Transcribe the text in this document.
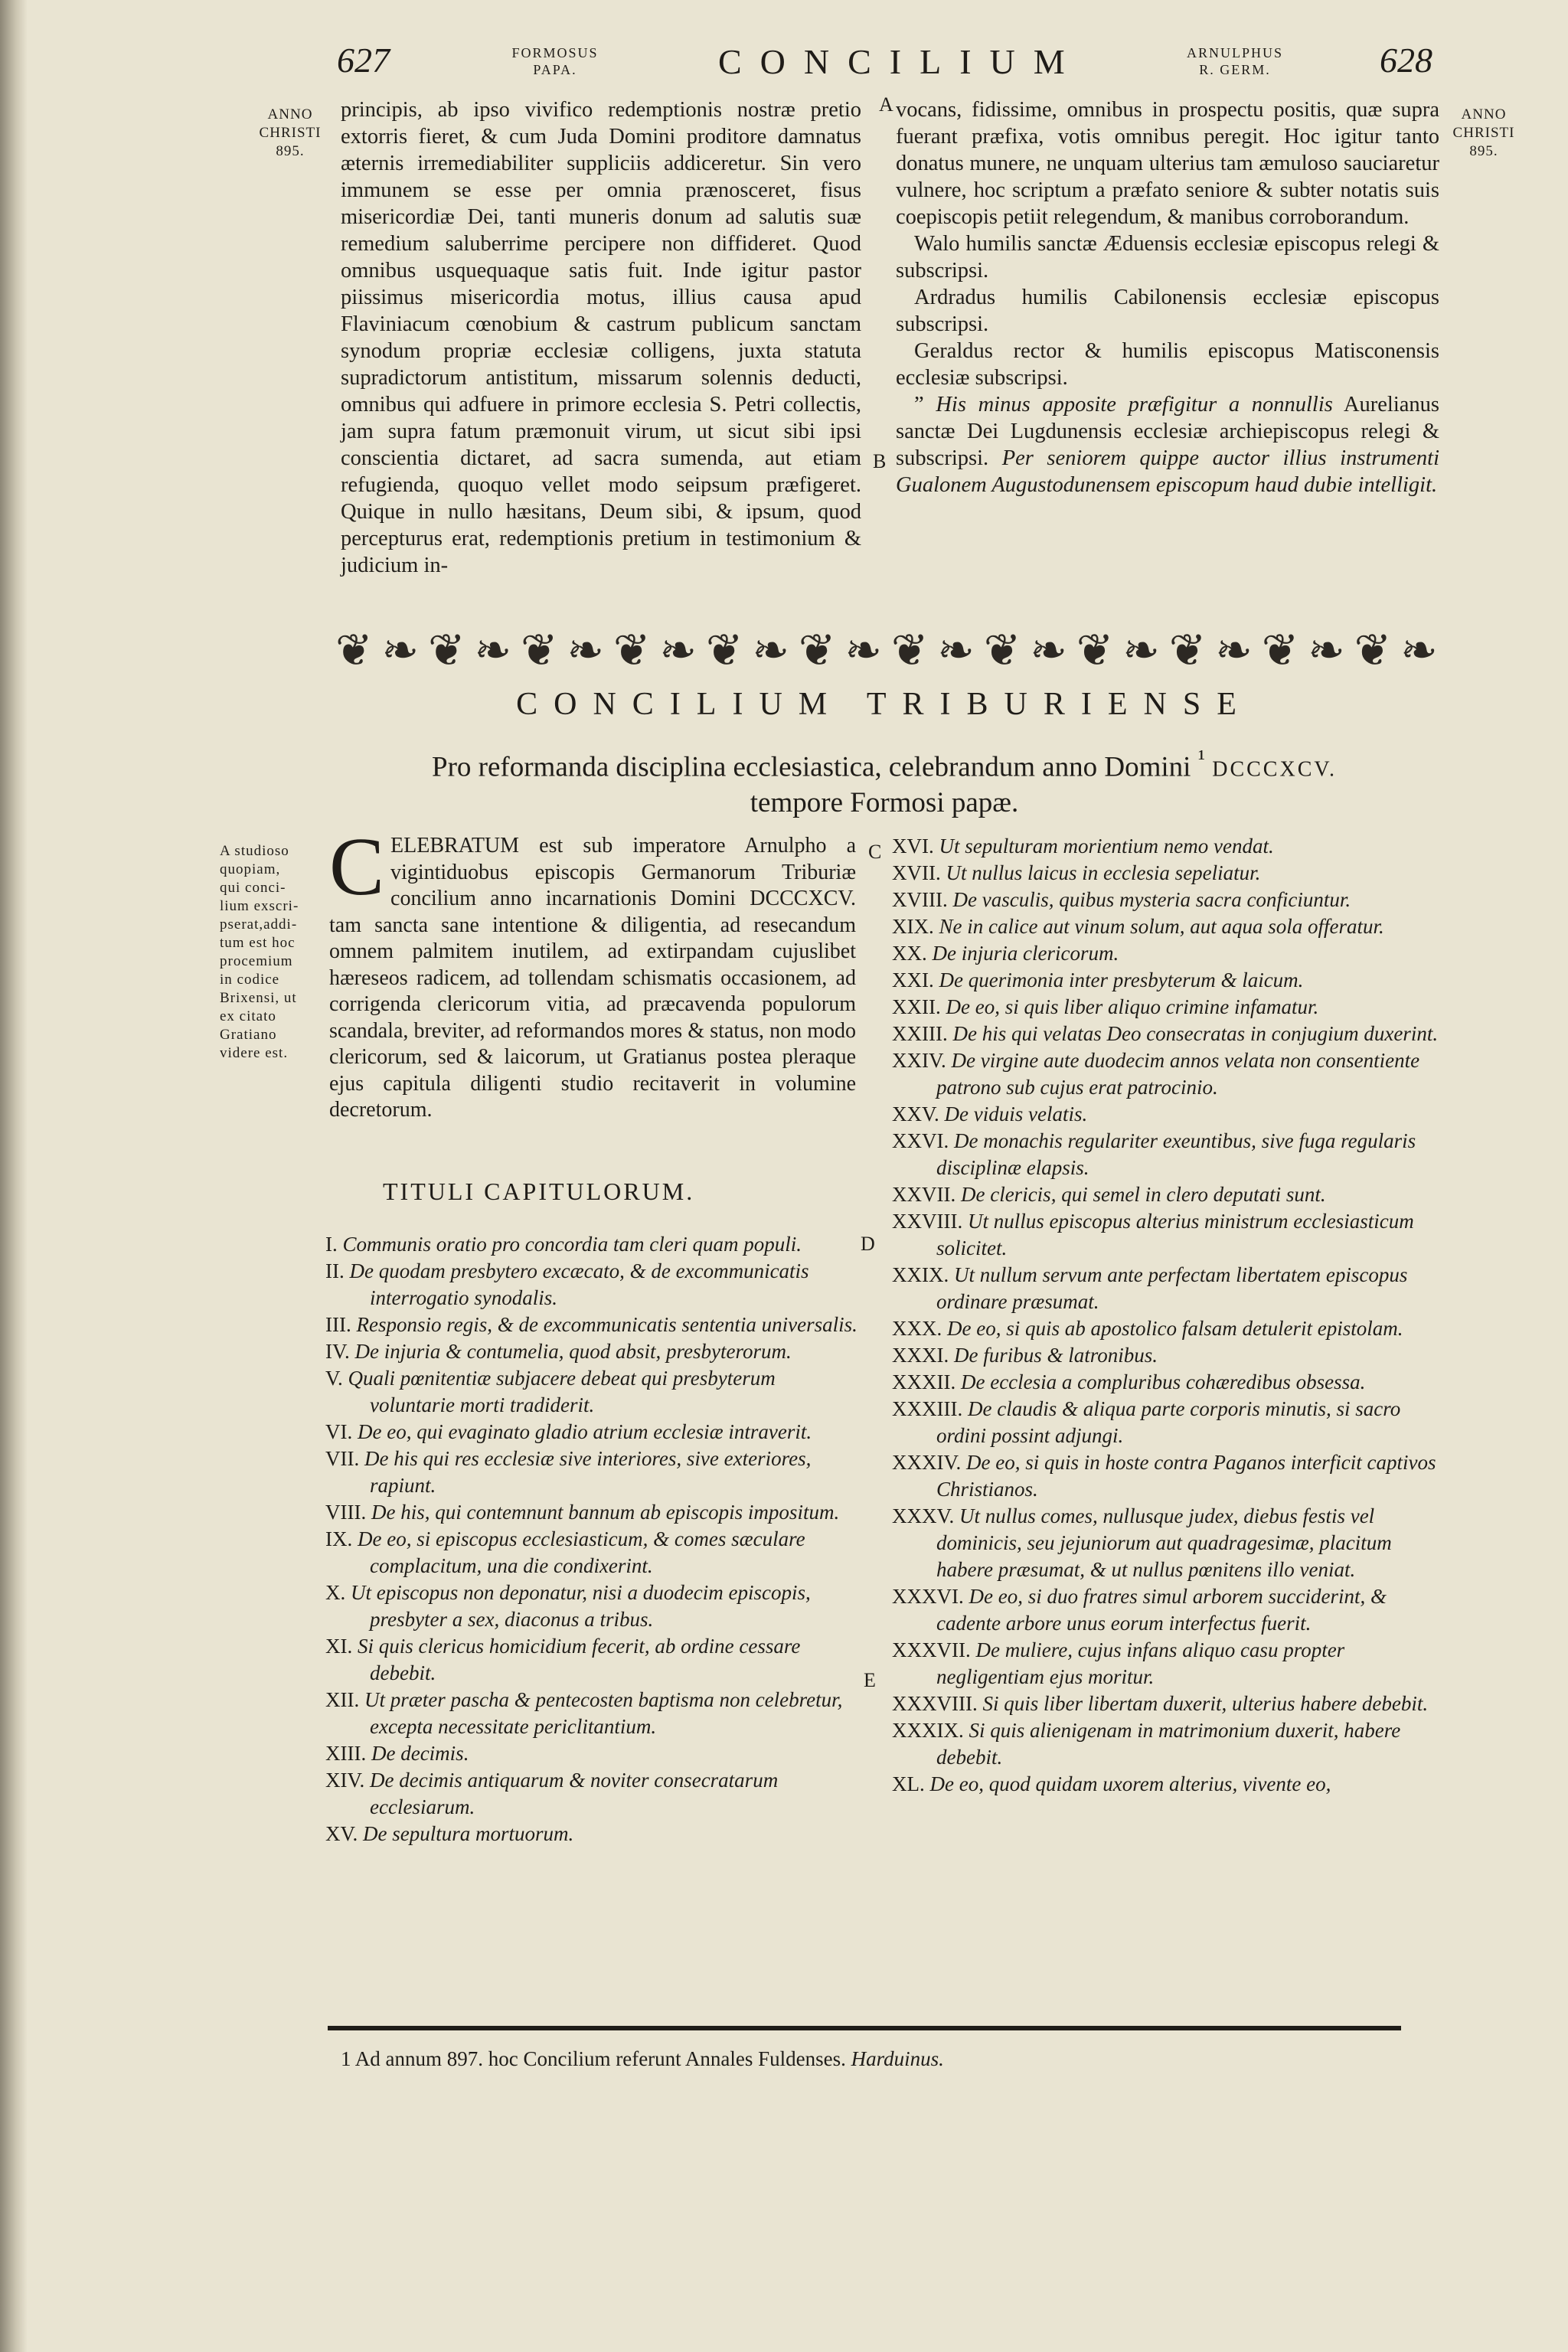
627	FORMOSUS
PAPA.	CONCILIUM	ARNULPHUS
R. GERM.	628
ANNO
CHRISTI
895.
ANNO
CHRISTI
895.
A
B
C
D
E

principis, ab ipso vivifico redemptionis nostræ pretio extorris fieret, & cum Juda Domini proditore damnatus æternis irremediabiliter suppliciis addiceretur. Sin vero immunem se esse per omnia prænosceret, fisus misericordiæ Dei, tanti muneris donum ad salutis suæ remedium saluberrime percipere non diffideret. Quod omnibus usquequaque satis fuit. Inde igitur pastor piissimus misericordia motus, illius causa apud Flaviniacum cœnobium & castrum publicum sanctam synodum propriæ ecclesiæ colligens, juxta statuta supradictorum antistitum, missarum solennis deducti, omnibus qui adfuere in primore ecclesia S. Petri collectis, jam supra fatum præmonuit virum, ut sicut sibi ipsi conscientia dictaret, ad sacra sumenda, aut etiam refugienda, quoquo vellet modo seipsum præfigeret. Quique in nullo hæsitans, Deum sibi, & ipsum, quod percepturus erat, redemptionis pretium in testimonium & judicium in-

vocans, fidissime, omnibus in prospectu positis, quæ supra fuerant præfixa, votis omnibus peregit. Hoc igitur tanto donatus munere, ne unquam ulterius tam æmuloso sauciaretur vulnere, hoc scriptum a præfato seniore & subter notatis suis coepiscopis petiit relegendum, & manibus corroborandum.

Walo humilis sanctæ Æduensis ecclesiæ episcopus relegi & subscripsi.

Ardradus humilis Cabilonensis ecclesiæ episcopus subscripsi.

Geraldus rector & humilis episcopus Matisconensis ecclesiæ subscripsi.

” His minus apposite præfigitur a nonnullis Aurelianus sanctæ Dei Lugdunensis ecclesiæ archiepiscopus relegi & subscripsi. Per seniorem quippe auctor illius instrumenti Gualonem Augustodunensem episcopum haud dubie intelligit.

❦ ❧ ❦ ❧ ❦ ❧ ❦ ❧ ❦ ❧ ❦ ❧ ❦ ❧ ❦ ❧ ❦ ❧ ❦ ❧ ❦ ❧ ❦ ❧
CONCILIUM TRIBURIENSE
Pro reformanda disciplina ecclesiastica, celebrandum anno Domini $^{^1}$ DCCCXCV.
tempore Formosi papæ.
A studioso
quopiam,
qui conci-
lium exscri-
pserat,addi-
tum est hoc
procemium
in codice
Brixensi, ut
ex citato
Gratiano
videre est.

CELEBRATUM est sub imperatore Arnulpho a vigintiduobus episcopis Germanorum Triburiæ concilium anno incarnationis Domini DCCCXCV. tam sancta sane intentione & diligentia, ad resecandum omnem palmitem inutilem, ad extirpandam cujuslibet hæreseos radicem, ad tollendam schismatis occasionem, ad corrigenda clericorum vitia, ad præcavenda populorum scandala, breviter, ad reformandos mores & status, non modo clericorum, sed & laicorum, ut Gratianus postea pleraque ejus capitula diligenti studio recitaverit in volumine decretorum.

TITULI CAPITULORUM.

I. Communis oratio pro concordia tam cleri quam populi.

II. De quodam presbytero excæcato, & de excommunicatis interrogatio synodalis.

III. Responsio regis, & de excommunicatis sententia universalis.

IV. De injuria & contumelia, quod absit, presbyterorum.

V. Quali pœnitentiæ subjacere debeat qui presbyterum voluntarie morti tradiderit.

VI. De eo, qui evaginato gladio atrium ecclesiæ intraverit.

VII. De his qui res ecclesiæ sive interiores, sive exteriores, rapiunt.

VIII. De his, qui contemnunt bannum ab episcopis impositum.

IX. De eo, si episcopus ecclesiasticum, & comes sæculare complacitum, una die condixerint.

X. Ut episcopus non deponatur, nisi a duodecim episcopis, presbyter a sex, diaconus a tribus.

XI. Si quis clericus homicidium fecerit, ab ordine cessare debebit.

XII. Ut præter pascha & pentecosten baptisma non celebretur, excepta necessitate periclitantium.

XIII. De decimis.

XIV. De decimis antiquarum & noviter consecratarum ecclesiarum.

XV. De sepultura mortuorum.

XVI. Ut sepulturam morientium nemo vendat.

XVII. Ut nullus laicus in ecclesia sepeliatur.

XVIII. De vasculis, quibus mysteria sacra conficiuntur.

XIX. Ne in calice aut vinum solum, aut aqua sola offeratur.

XX. De injuria clericorum.

XXI. De querimonia inter presbyterum & laicum.

XXII. De eo, si quis liber aliquo crimine infamatur.

XXIII. De his qui velatas Deo consecratas in conjugium duxerint.

XXIV. De virgine aute duodecim annos velata non consentiente patrono sub cujus erat patrocinio.

XXV. De viduis velatis.

XXVI. De monachis regulariter exeuntibus, sive fuga regularis disciplinæ elapsis.

XXVII. De clericis, qui semel in clero deputati sunt.

XXVIII. Ut nullus episcopus alterius ministrum ecclesiasticum solicitet.

XXIX. Ut nullum servum ante perfectam libertatem episcopus ordinare præsumat.

XXX. De eo, si quis ab apostolico falsam detulerit epistolam.

XXXI. De furibus & latronibus.

XXXII. De ecclesia a compluribus cohæredibus obsessa.

XXXIII. De claudis & aliqua parte corporis minutis, si sacro ordini possint adjungi.

XXXIV. De eo, si quis in hoste contra Paganos interficit captivos Christianos.

XXXV. Ut nullus comes, nullusque judex, diebus festis vel dominicis, seu jejuniorum aut quadragesimæ, placitum habere præsumat, & ut nullus pœnitens illo veniat.

XXXVI. De eo, si duo fratres simul arborem succiderint, & cadente arbore unus eorum interfectus fuerit.

XXXVII. De muliere, cujus infans aliquo casu propter negligentiam ejus moritur.

XXXVIII. Si quis liber libertam duxerit, ulterius habere debebit.

XXXIX. Si quis alienigenam in matrimonium duxerit, habere debebit.

XL. De eo, quod quidam uxorem alterius, vivente eo,

1 Ad annum 897. hoc Concilium referunt Annales Fuldenses. Harduinus.
